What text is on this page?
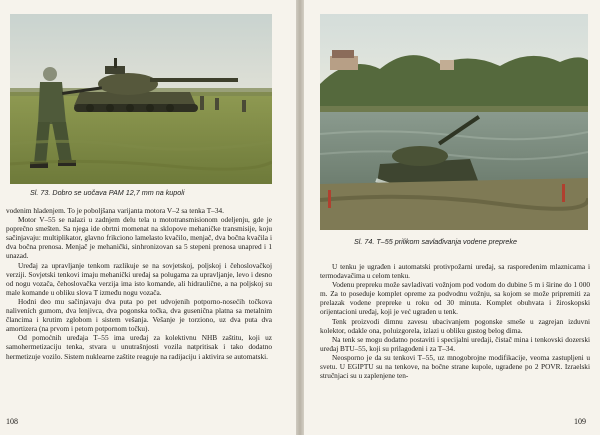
Sl. 73. Dobro se uočava PAM 12,7 mm na kupoli

vodenim hladenjem. To je poboljšana varijanta motora V–2 sa tenka T–34.

Motor V–55 se nalazi u zadnjem delu tela u mototransmisionom odeljenju, gde je poprečno smešten. Sa njega ide obrtni momenat na sklopove mehaničke transmisije, koju sačinjavaju: multiplikator, glavno frikciono lamelasto kvačilo, menjač, dva bočna kvačila i dva bočna prenosa. Menjač je mehanički, sinhronizovan sa 5 stepeni prenosa unapred i 1 unazad.

Uređaj za upravljanje tenkom razlikuje se na sovjetskoj, poljskoj i čehoslovačkoj verziji. Sovjetski tenkovi imaju mehanički uređaj sa polugama za upravljanje, levo i desno od nogu vozača, čehoslovačka verzija ima isto komande, ali hidraulične, a na poljskoj su male komande u obliku slova T između nogu vozača.

Hodni deo mu sačinjavaju dva puta po pet udvojenih potporno-nosećih točkova naliveních gumom, dva lenjivca, dva pogonska točka, dva gusenična platna sa metalnim člancima i krutim zglobom i sistem vešanja. Vešanje je torziono, uz dva puta dva amortizera (na prvom i petom potpornom točku).

Od pomoćnih uređaja T–55 ima uređaj za kolektivnu NHB zaštitu, koji uz samohermetizaciju tenka, stvara u unutrašnjosti vozila natpritisak i tako dodatno hermetizuje vozilo. Sistem nuklearne zaštite reaguje na radijaciju i aktivira se automatski.

108
Sl. 74. T–55 prilikom savlađivanja vodene prepreke

U tenku je ugrađen i automatski protivpožarni uređaj, sa raspoređenim mlaznicama i termodavačima u celom tenku.

Vodenu prepreku može savladivati vožnjom pod vodom do dubine 5 m i širine do 1 000 m. Za to poseduje komplet opreme za podvodnu vožnju, sa kojom se može pripremiti za prelazak vodene prepreke u roku od 30 minuta. Komplet obuhvata i žiroskopski orijentacioni uređaj, koji je već ugrađen u tenk.

Tenk proizvodi dimnu zavesu ubacivanjem pogonske smeše u zagrejan izduvni kolektor, odakle ona, poluizgorela, izlazi u obliku gustog belog dima.

Na tenk se mogu dodatno postaviti i specijalni uređaji, čistač mina i tenkovski dozerski uređaj BTU–55, koji su prilagođeni i za T–34.

Neosporno je da su tenkovi T–55, uz mnogobrojne modifikacije, veoma zastupljeni u svetu. U EGIPTU su na tenkove, na bočne strane kupole, ugrađene po 2 POVR. Izraelski stručnjaci su u zaplenjene ten-

109
